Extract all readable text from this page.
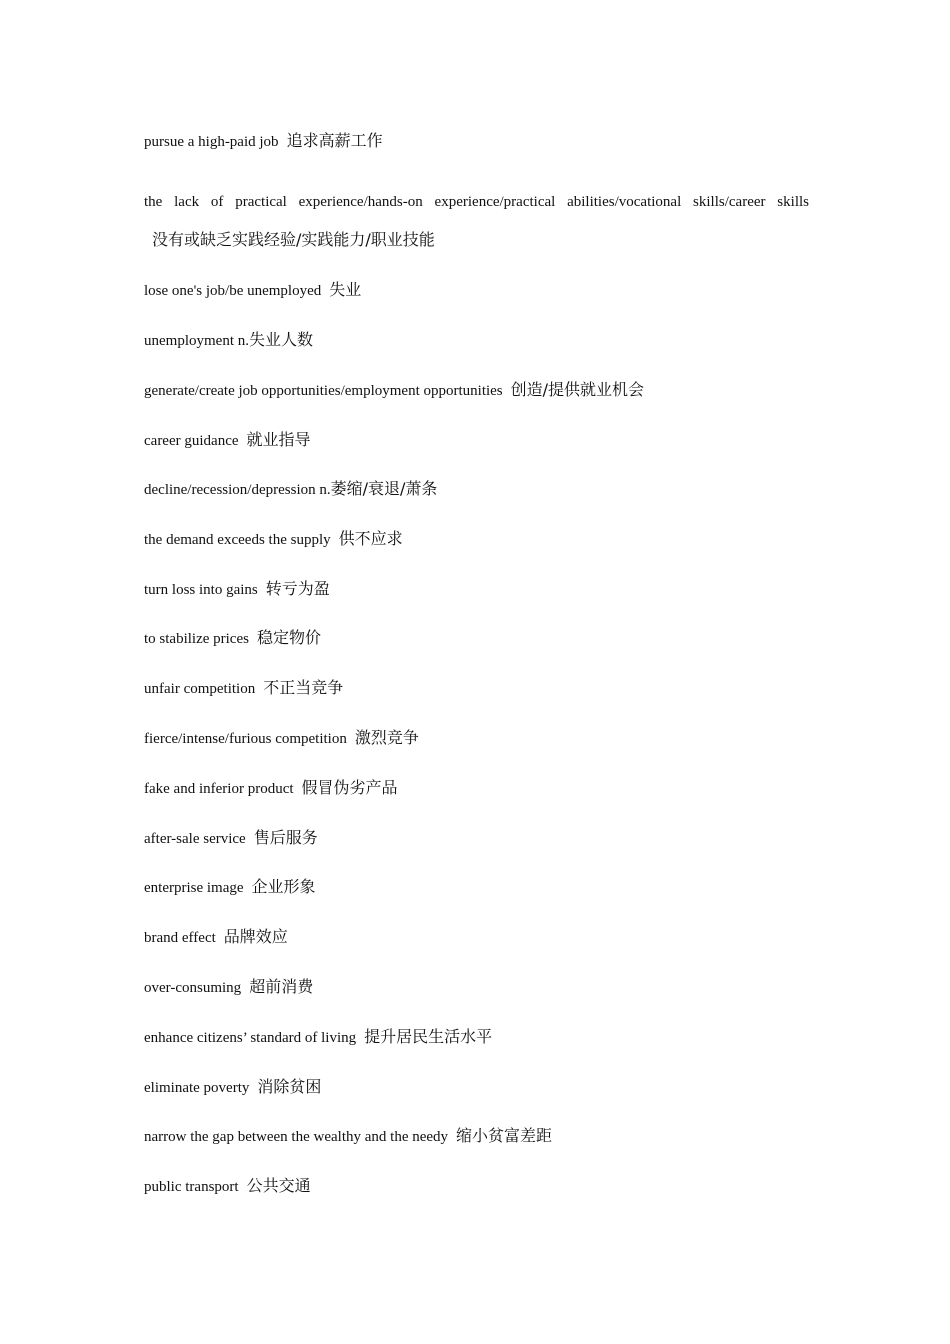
pursue a high-paid job 追求高薪工作
the lack of practical experience/hands-on experience/practical abilities/vocational skills/career skills没有或缺乏实践经验/实践能力/职业技能
lose one's job/be unemployed 失业
unemployment n.失业人数
generate/create job opportunities/employment opportunities 创造/提供就业机会
career guidance 就业指导
decline/recession/depression n.萎缩/衰退/萧条
the demand exceeds the supply 供不应求
turn loss into gains 转亏为盈
to stabilize prices 稳定物价
unfair competition 不正当竞争
fierce/intense/furious competition 激烈竞争
fake and inferior product 假冒伪劣产品
after-sale service 售后服务
enterprise image 企业形象
brand effect 品牌效应
over-consuming 超前消费
enhance citizens’ standard of living 提升居民生活水平
eliminate poverty 消除贫困
narrow the gap between the wealthy and the needy 缩小贫富差距
public transport 公共交通
